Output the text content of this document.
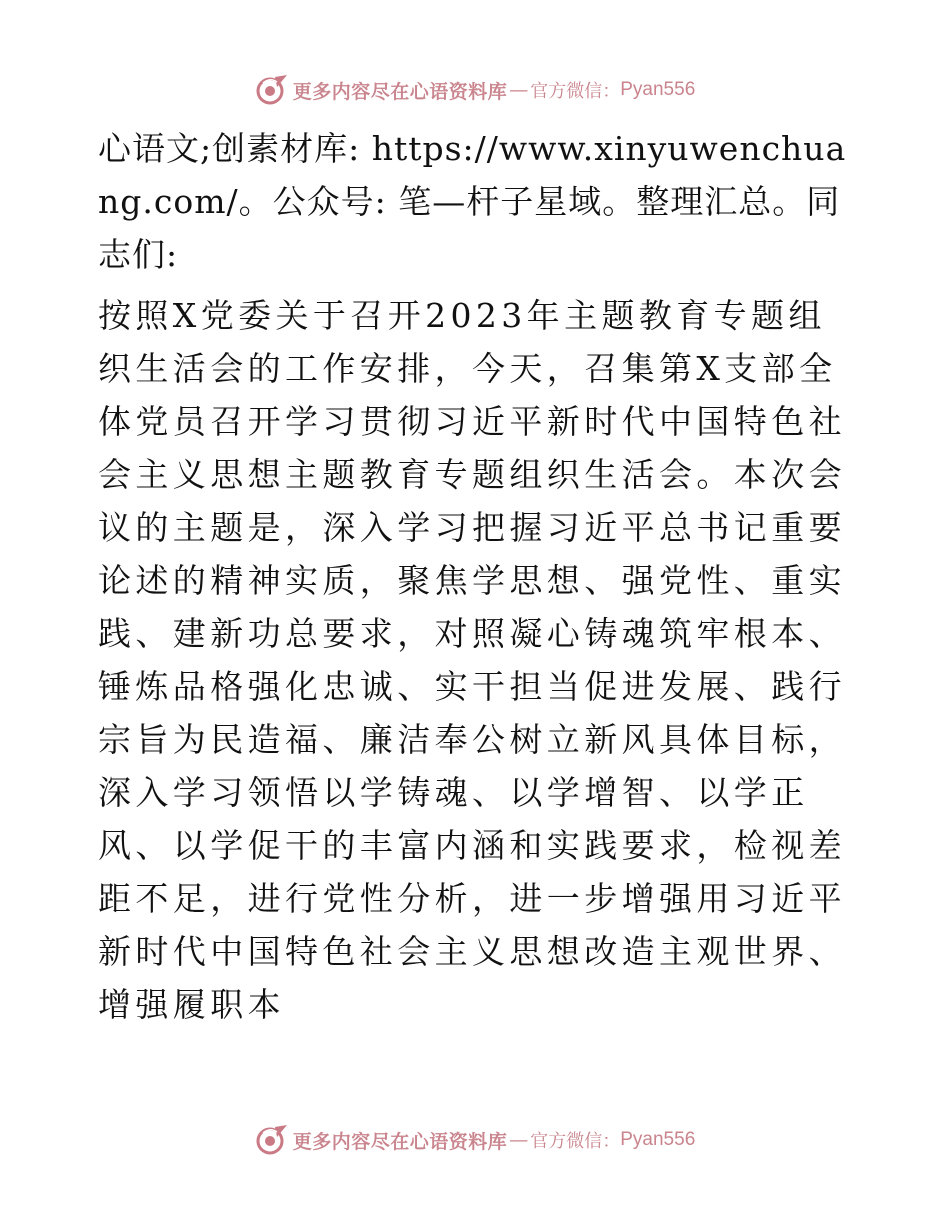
更多内容尽在心语资料库 — 官方微信： Pyan556

心语文;创素材库: https://www.xinyuwenchuang.com/。公众号: 笔—杆子星域。整理汇总。同志们:

按照X党委关于召开2023年主题教育专题组织生活会的工作安排，今天，召集第X支部全体党员召开学习贯彻习近平新时代中国特色社会主义思想主题教育专题组织生活会。本次会议的主题是，深入学习把握习近平总书记重要论述的精神实质，聚焦学思想、强党性、重实践、建新功总要求，对照凝心铸魂筑牢根本、锤炼品格强化忠诚、实干担当促进发展、践行宗旨为民造福、廉洁奉公树立新风具体目标，深入学习领悟以学铸魂、以学增智、以学正风、以学促干的丰富内涵和实践要求，检视差距不足，进行党性分析，进一步增强用习近平新时代中国特色社会主义思想改造主观世界、增强履职本

更多内容尽在心语资料库 — 官方微信： Pyan556
